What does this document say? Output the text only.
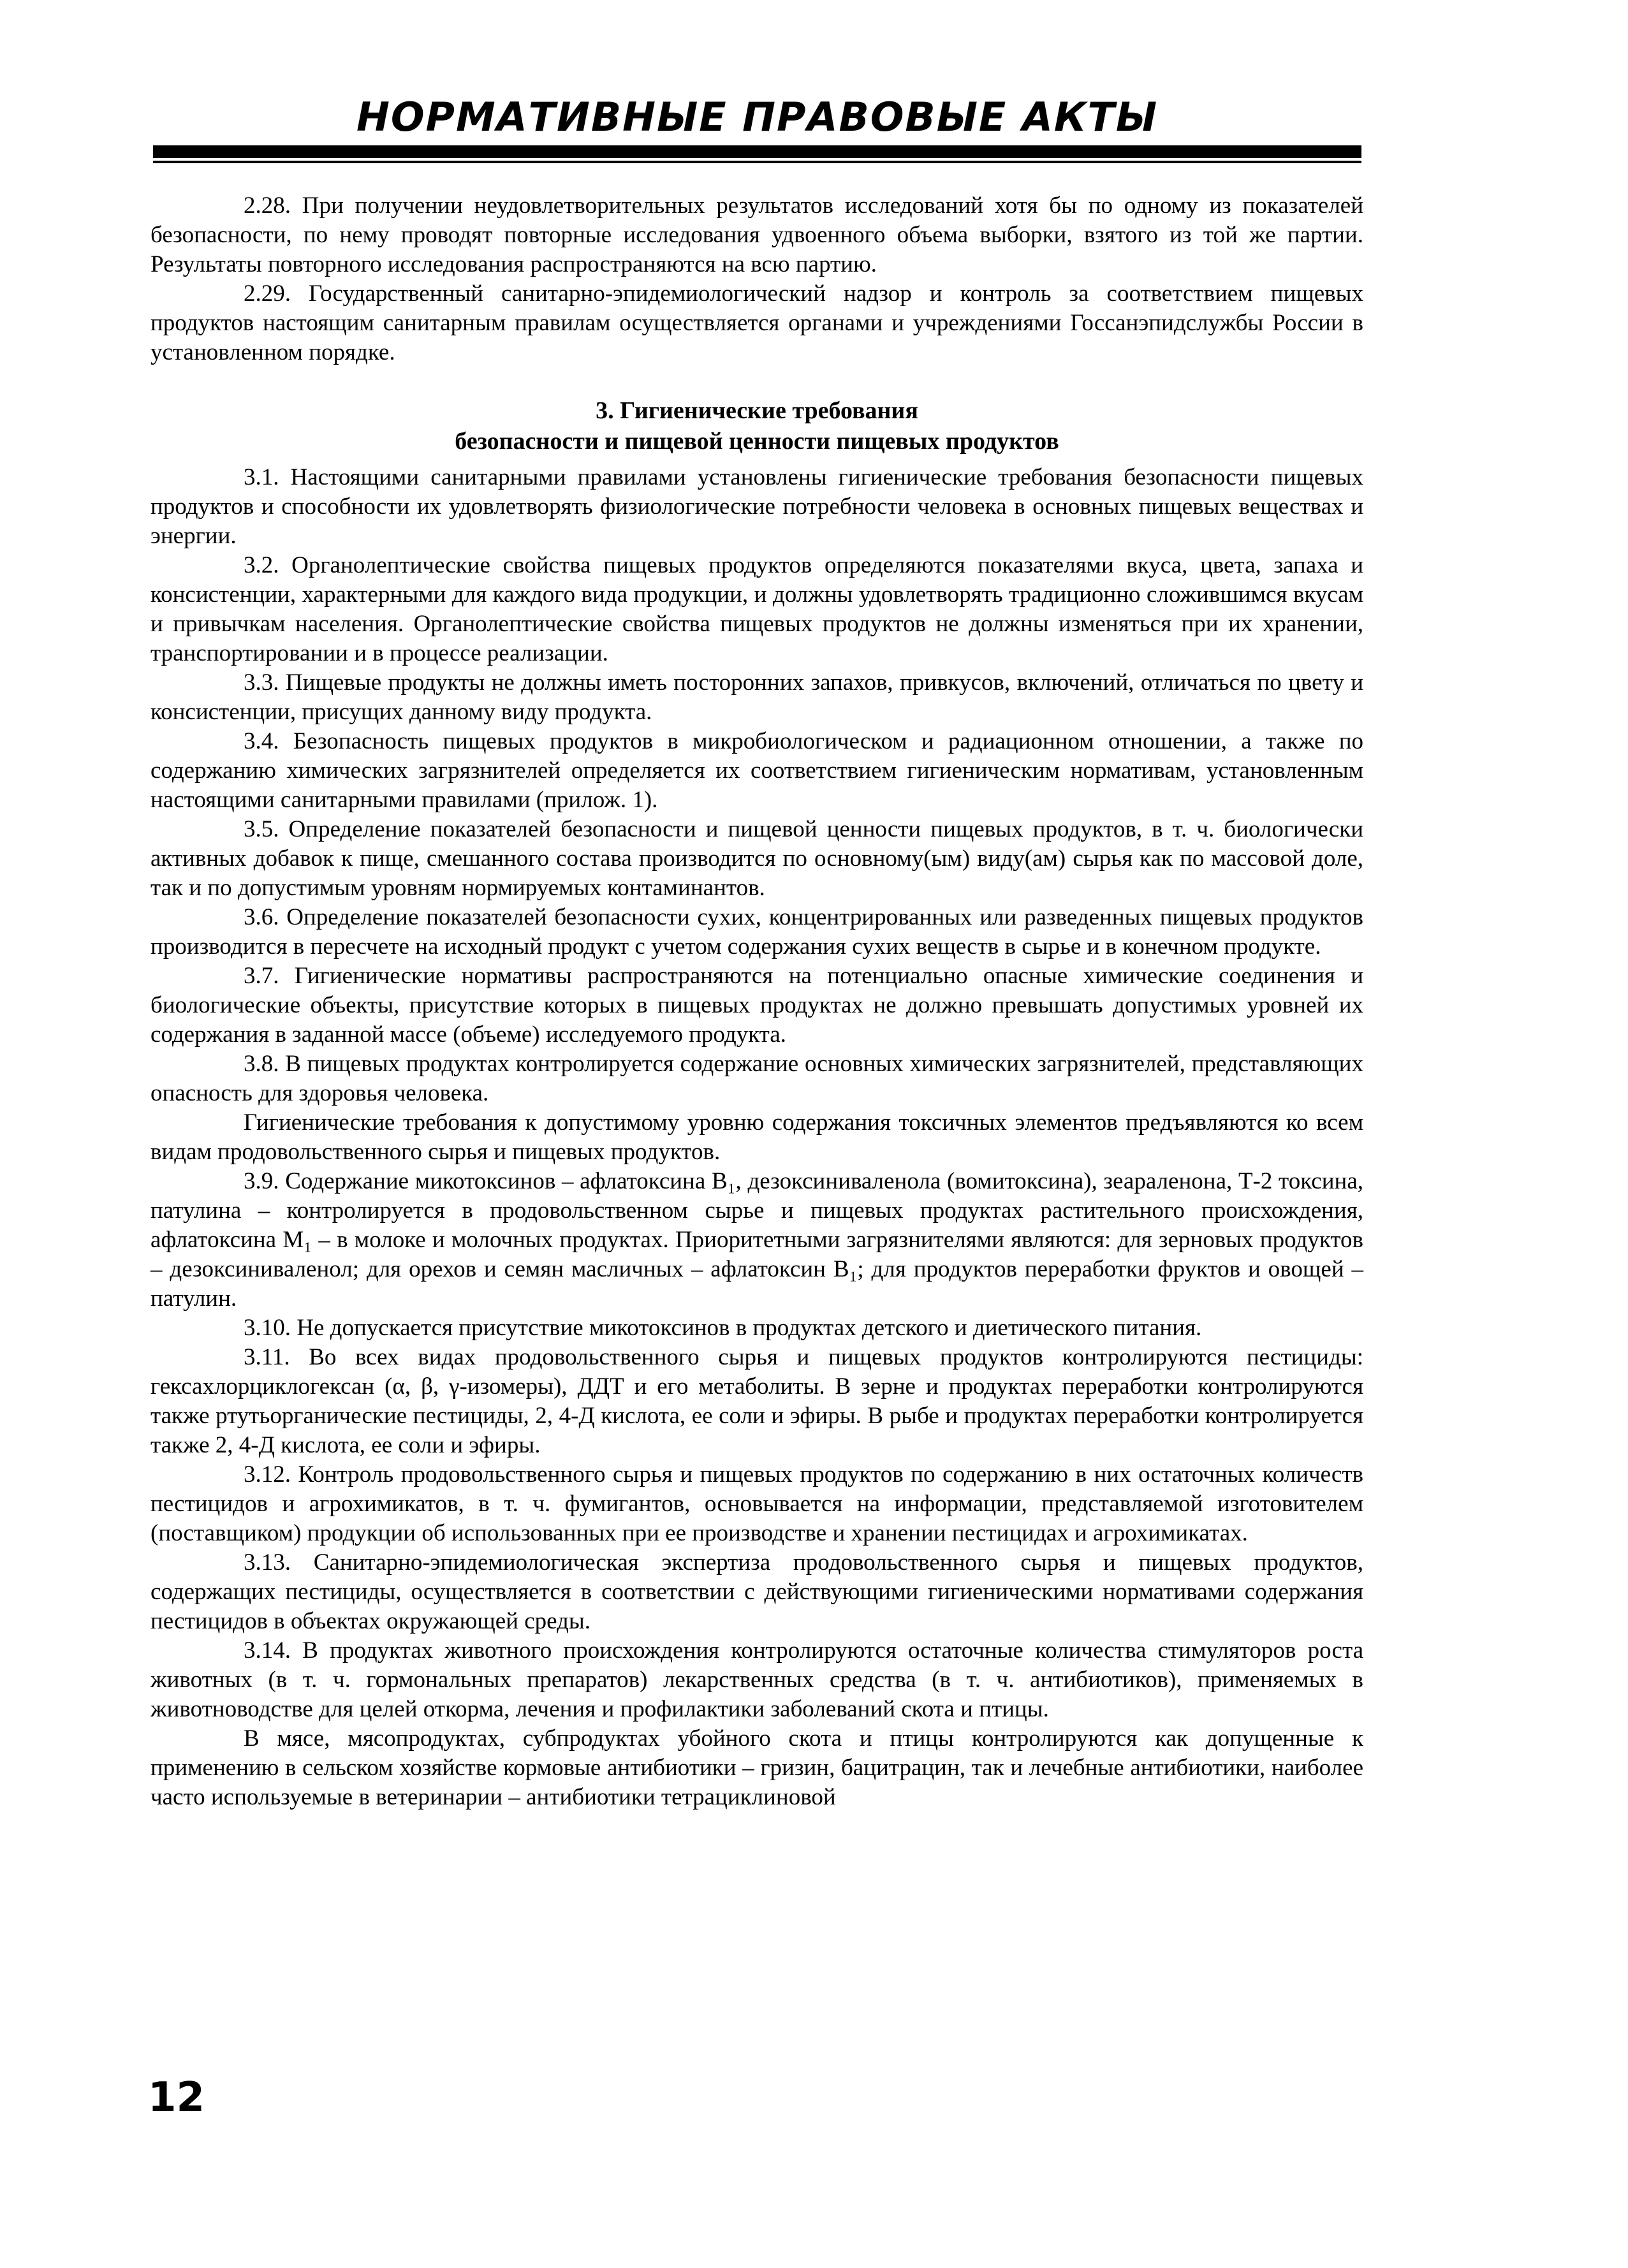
НОРМАТИВНЫЕ ПРАВОВЫЕ АКТЫ

2.28. При получении неудовлетворительных результатов исследований хотя бы по одному из показателей безопасности, по нему проводят повторные исследования удвоенного объема выборки, взятого из той же партии. Результаты повторного исследования распространяются на всю партию.

2.29. Государственный санитарно-эпидемиологический надзор и контроль за соответствием пищевых продуктов настоящим санитарным правилам осуществляется органами и учреждениями Госсанэпидслужбы России в установленном порядке.

3. Гигиенические требования
безопасности и пищевой ценности пищевых продуктов

3.1. Настоящими санитарными правилами установлены гигиенические требования безопасности пищевых продуктов и способности их удовлетворять физиологические потребности человека в основных пищевых веществах и энергии.

3.2. Органолептические свойства пищевых продуктов определяются показателями вкуса, цвета, запаха и консистенции, характерными для каждого вида продукции, и должны удовлетворять традиционно сложившимся вкусам и привычкам населения. Органолептические свойства пищевых продуктов не должны изменяться при их хранении, транспортировании и в процессе реализации.

3.3. Пищевые продукты не должны иметь посторонних запахов, привкусов, включений, отличаться по цвету и консистенции, присущих данному виду продукта.

3.4. Безопасность пищевых продуктов в микробиологическом и радиационном отношении, а также по содержанию химических загрязнителей определяется их соответствием гигиеническим нормативам, установленным настоящими санитарными правилами (прилож. 1).

3.5. Определение показателей безопасности и пищевой ценности пищевых продуктов, в т. ч. биологически активных добавок к пище, смешанного состава производится по основному(ым) виду(ам) сырья как по массовой доле, так и по допустимым уровням нормируемых контаминантов.

3.6. Определение показателей безопасности сухих, концентрированных или разведенных пищевых продуктов производится в пересчете на исходный продукт с учетом содержания сухих веществ в сырье и в конечном продукте.

3.7. Гигиенические нормативы распространяются на потенциально опасные химические соединения и биологические объекты, присутствие которых в пищевых продуктах не должно превышать допустимых уровней их содержания в заданной массе (объеме) исследуемого продукта.

3.8. В пищевых продуктах контролируется содержание основных химических загрязнителей, представляющих опасность для здоровья человека.

Гигиенические требования к допустимому уровню содержания токсичных элементов предъявляются ко всем видам продовольственного сырья и пищевых продуктов.

3.9. Содержание микотоксинов – афлатоксина B₁, дезоксиниваленола (вомитоксина), зеараленона, Т-2 токсина, патулина – контролируется в продовольственном сырье и пищевых продуктах растительного происхождения, афлатоксина M₁ – в молоке и молочных продуктах. Приоритетными загрязнителями являются: для зерновых продуктов – дезоксиниваленол; для орехов и семян масличных – афлатоксин B₁; для продуктов переработки фруктов и овощей – патулин.

3.10. Не допускается присутствие микотоксинов в продуктах детского и диетического питания.

3.11. Во всех видах продовольственного сырья и пищевых продуктов контролируются пестициды: гексахлорциклогексан (α, β, γ-изомеры), ДДТ и его метаболиты. В зерне и продуктах переработки контролируются также ртутьорганические пестициды, 2, 4-Д кислота, ее соли и эфиры. В рыбе и продуктах переработки контролируется также 2, 4-Д кислота, ее соли и эфиры.

3.12. Контроль продовольственного сырья и пищевых продуктов по содержанию в них остаточных количеств пестицидов и агрохимикатов, в т. ч. фумигантов, основывается на информации, представляемой изготовителем (поставщиком) продукции об использованных при ее производстве и хранении пестицидах и агрохимикатах.

3.13. Санитарно-эпидемиологическая экспертиза продовольственного сырья и пищевых продуктов, содержащих пестициды, осуществляется в соответствии с действующими гигиеническими нормативами содержания пестицидов в объектах окружающей среды.

3.14. В продуктах животного происхождения контролируются остаточные количества стимуляторов роста животных (в т. ч. гормональных препаратов) лекарственных средства (в т. ч. антибиотиков), применяемых в животноводстве для целей откорма, лечения и профилактики заболеваний скота и птицы.

В мясе, мясопродуктах, субпродуктах убойного скота и птицы контролируются как допущенные к применению в сельском хозяйстве кормовые антибиотики – гризин, бацитрацин, так и лечебные антибиотики, наиболее часто используемые в ветеринарии – антибиотики тетрациклиновой

12
